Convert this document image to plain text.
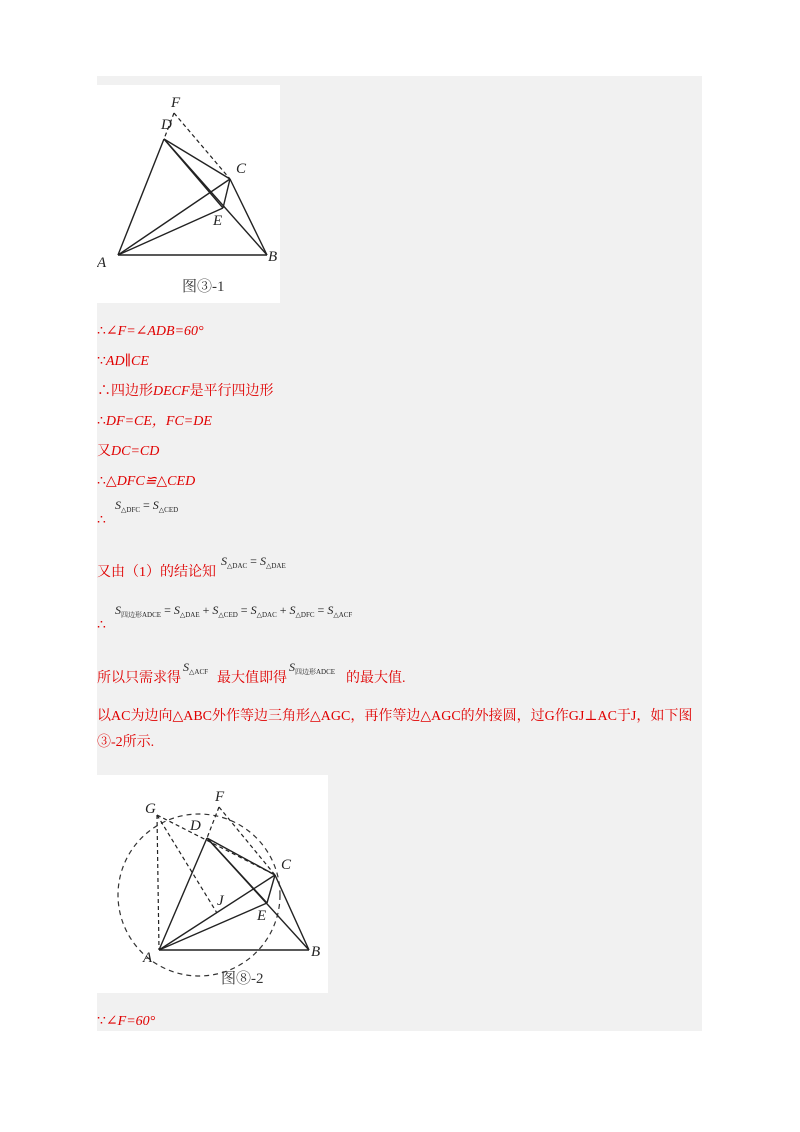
F
D
C
E
A	B
图③-1
∴∠F=∠ADB=60°
∵AD∥CE
∴四边形DECF是平行四边形
∴DF=CE，FC=DE
又DC=CD
∴△DFC≌△CED
$S_{\triangle DFC} = S_{\triangle CED}$
∴
又由（1）的结论知
$S_{\triangle DAC} = S_{\triangle DAE}$
$S_{四边形ADCE} = S_{\triangle DAE} + S_{\triangle CED} = S_{\triangle DAC} + S_{\triangle DFC} = S_{\triangle ACF}$
∴
所以只需求得
$S_{\triangle ACF}$ 最大值即得
$S_{四边形ADCE}$ 的最大值.
以AC为边向△ABC外作等边三角形△AGC，再作等边△AGC的外接圆，过G作GJ⊥AC于J，如下图③-2所示.
G
F
D
C
J
E
A	B
图⑧-2
∵∠F=60°
